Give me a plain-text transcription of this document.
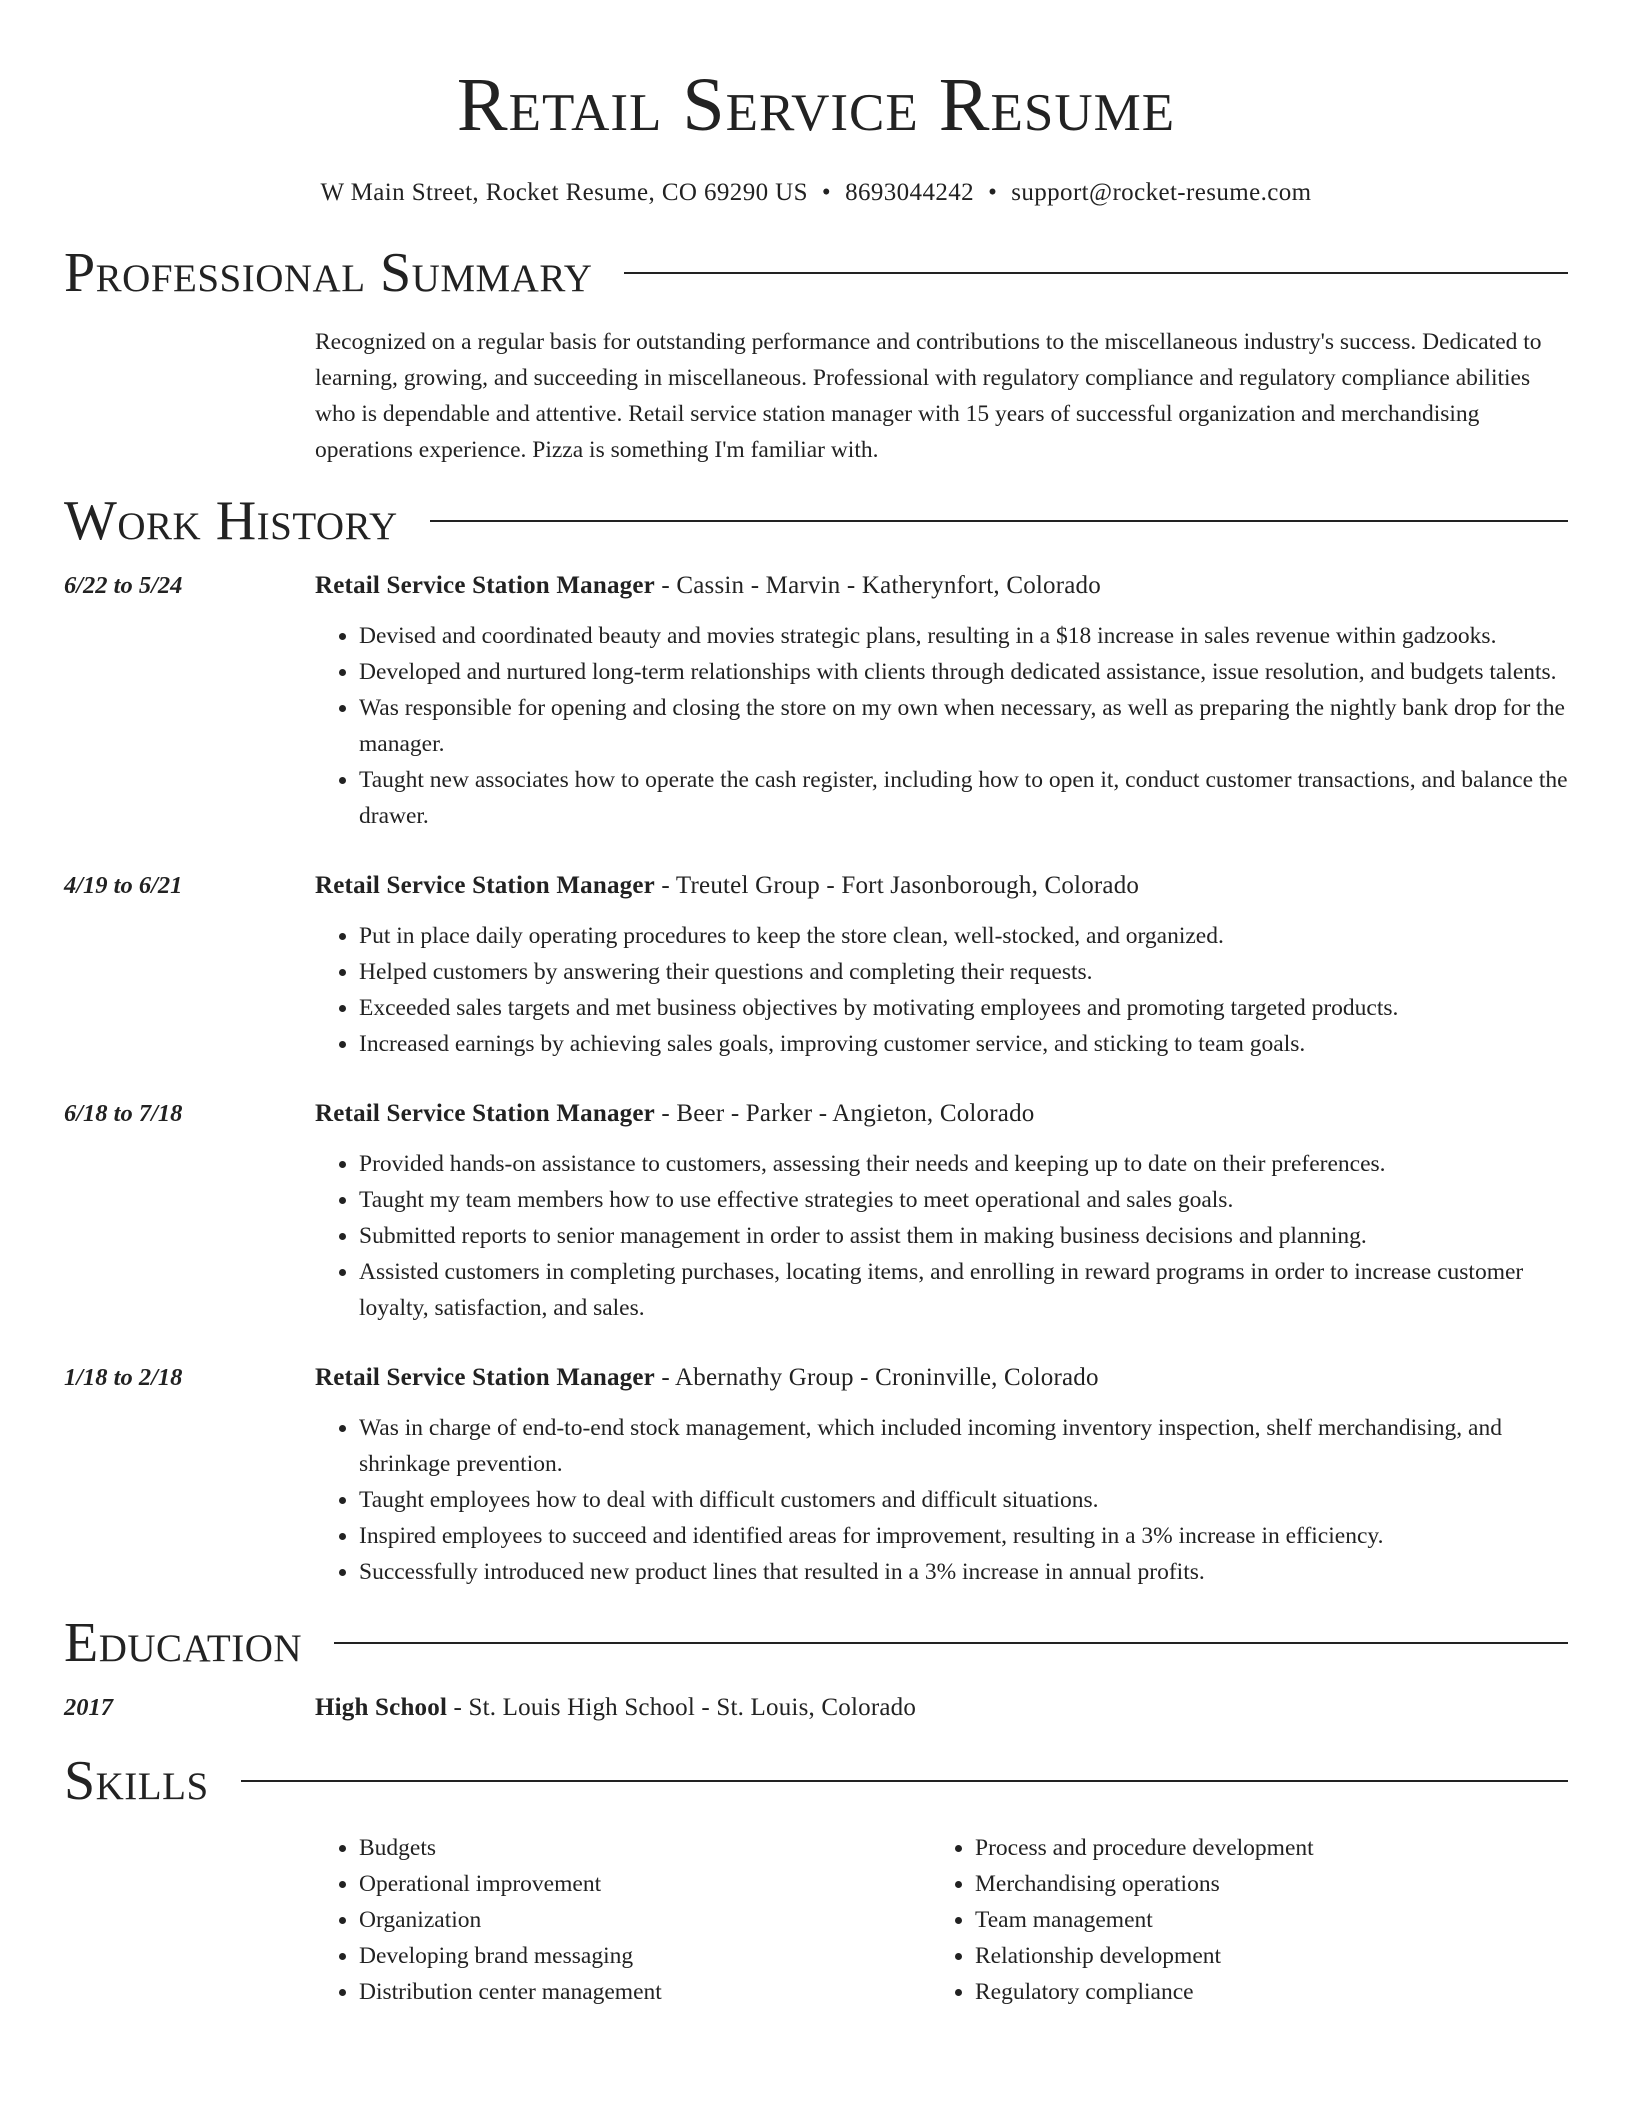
Retail Service Resume
W Main Street, Rocket Resume, CO 69290 US • 8693044242 • support@rocket-resume.com
Professional Summary
Recognized on a regular basis for outstanding performance and contributions to the miscellaneous industry's success. Dedicated to learning, growing, and succeeding in miscellaneous. Professional with regulatory compliance and regulatory compliance abilities who is dependable and attentive. Retail service station manager with 15 years of successful organization and merchandising operations experience. Pizza is something I'm familiar with.
Work History
6/22 to 5/24	Retail Service Station Manager - Cassin - Marvin - Katherynfort, Colorado
• Devised and coordinated beauty and movies strategic plans, resulting in a $18 increase in sales revenue within gadzooks.
• Developed and nurtured long-term relationships with clients through dedicated assistance, issue resolution, and budgets talents.
• Was responsible for opening and closing the store on my own when necessary, as well as preparing the nightly bank drop for the manager.
• Taught new associates how to operate the cash register, including how to open it, conduct customer transactions, and balance the drawer.
4/19 to 6/21	Retail Service Station Manager - Treutel Group - Fort Jasonborough, Colorado
• Put in place daily operating procedures to keep the store clean, well-stocked, and organized.
• Helped customers by answering their questions and completing their requests.
• Exceeded sales targets and met business objectives by motivating employees and promoting targeted products.
• Increased earnings by achieving sales goals, improving customer service, and sticking to team goals.
6/18 to 7/18	Retail Service Station Manager - Beer - Parker - Angieton, Colorado
• Provided hands-on assistance to customers, assessing their needs and keeping up to date on their preferences.
• Taught my team members how to use effective strategies to meet operational and sales goals.
• Submitted reports to senior management in order to assist them in making business decisions and planning.
• Assisted customers in completing purchases, locating items, and enrolling in reward programs in order to increase customer loyalty, satisfaction, and sales.
1/18 to 2/18	Retail Service Station Manager - Abernathy Group - Croninville, Colorado
• Was in charge of end-to-end stock management, which included incoming inventory inspection, shelf merchandising, and shrinkage prevention.
• Taught employees how to deal with difficult customers and difficult situations.
• Inspired employees to succeed and identified areas for improvement, resulting in a 3% increase in efficiency.
• Successfully introduced new product lines that resulted in a 3% increase in annual profits.
Education
2017	High School - St. Louis High School - St. Louis, Colorado
Skills
• Budgets
• Operational improvement
• Organization
• Developing brand messaging
• Distribution center management
• Process and procedure development
• Merchandising operations
• Team management
• Relationship development
• Regulatory compliance
